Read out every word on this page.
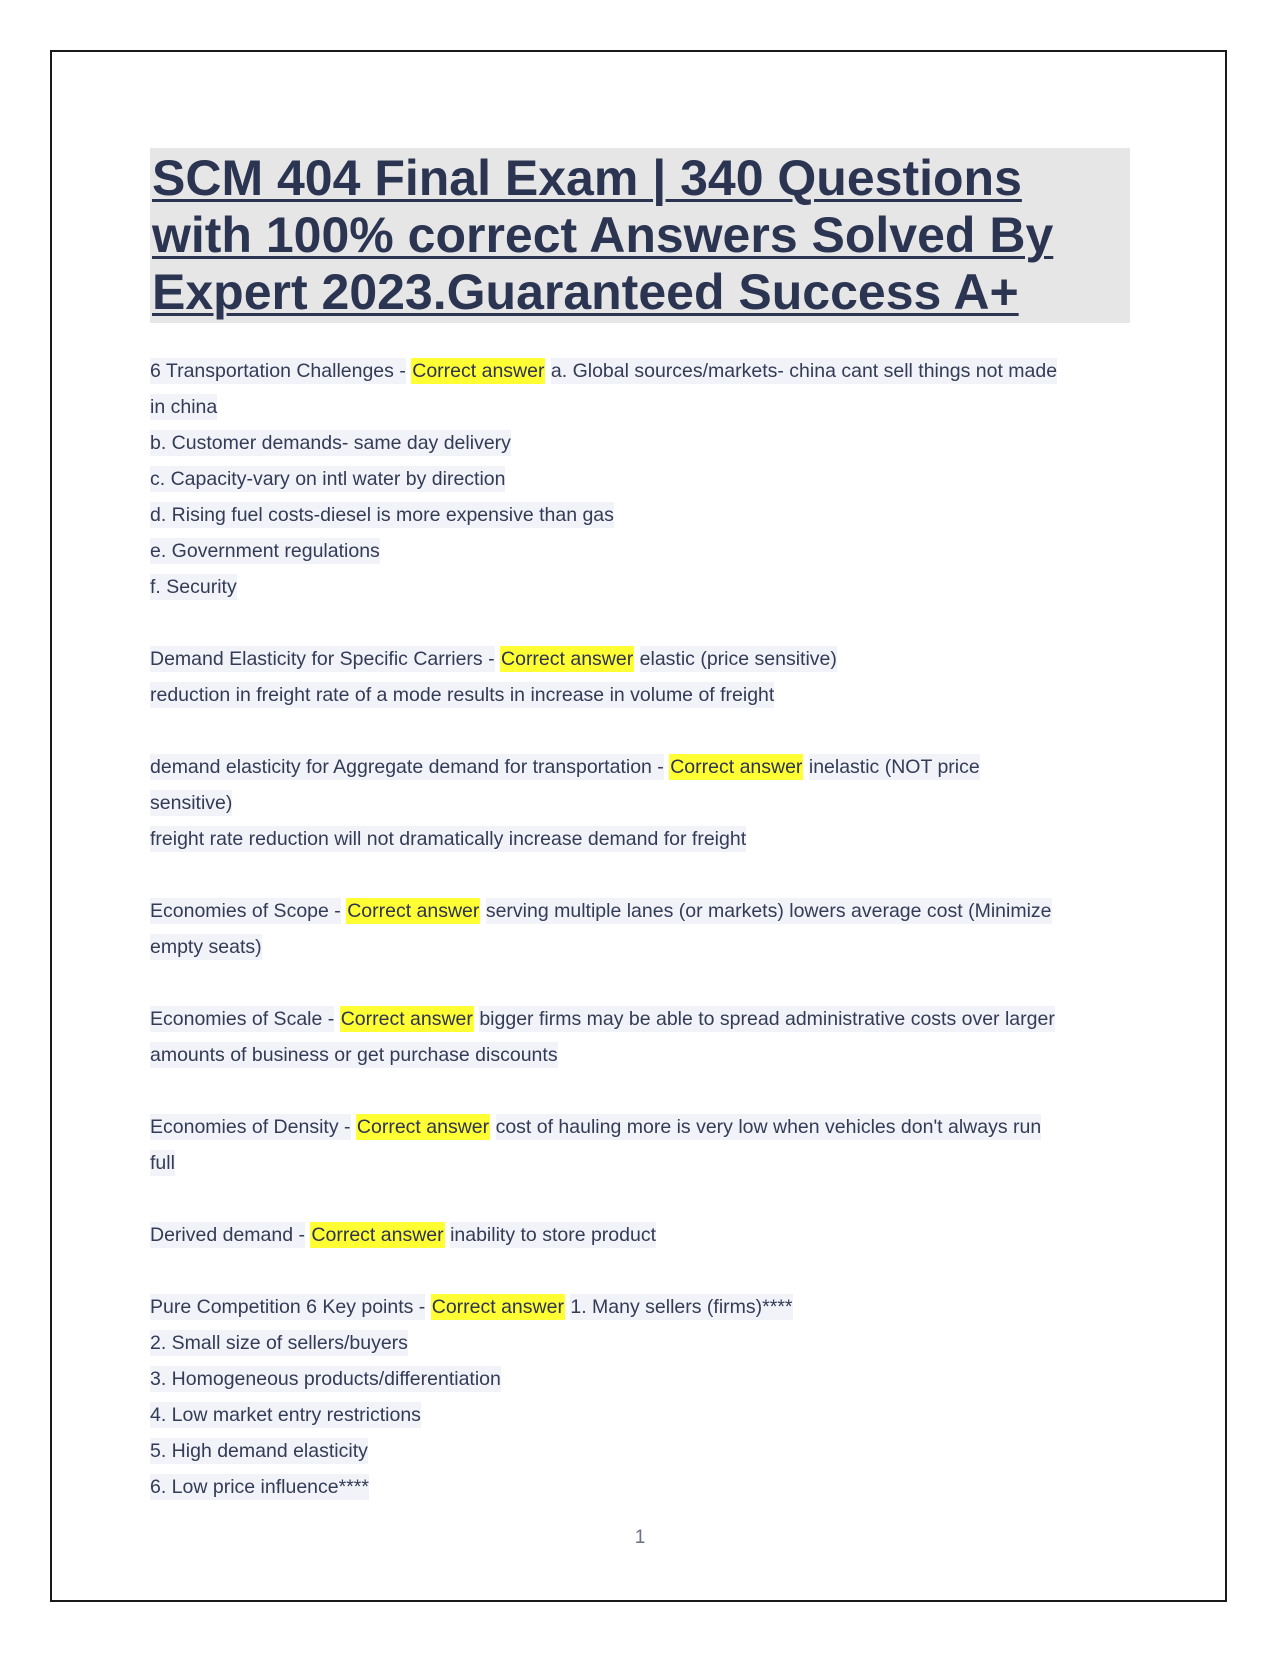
SCM 404 Final Exam | 340 Questions with 100% correct Answers Solved By Expert 2023.Guaranteed Success A+
6 Transportation Challenges - Correct answer a. Global sources/markets- china cant sell things not made
in china
b. Customer demands- same day delivery
c. Capacity-vary on intl water by direction
d. Rising fuel costs-diesel is more expensive than gas
e. Government regulations
f. Security
Demand Elasticity for Specific Carriers - Correct answer elastic (price sensitive)
reduction in freight rate of a mode results in increase in volume of freight
demand elasticity for Aggregate demand for transportation - Correct answer inelastic (NOT price
sensitive)
freight rate reduction will not dramatically increase demand for freight
Economies of Scope - Correct answer serving multiple lanes (or markets) lowers average cost (Minimize
empty seats)
Economies of Scale - Correct answer bigger firms may be able to spread administrative costs over larger
amounts of business or get purchase discounts
Economies of Density - Correct answer cost of hauling more is very low when vehicles don't always run
full
Derived demand - Correct answer inability to store product
Pure Competition 6 Key points - Correct answer 1. Many sellers (firms)****
2. Small size of sellers/buyers
3. Homogeneous products/differentiation
4. Low market entry restrictions
5. High demand elasticity
6. Low price influence****
1
